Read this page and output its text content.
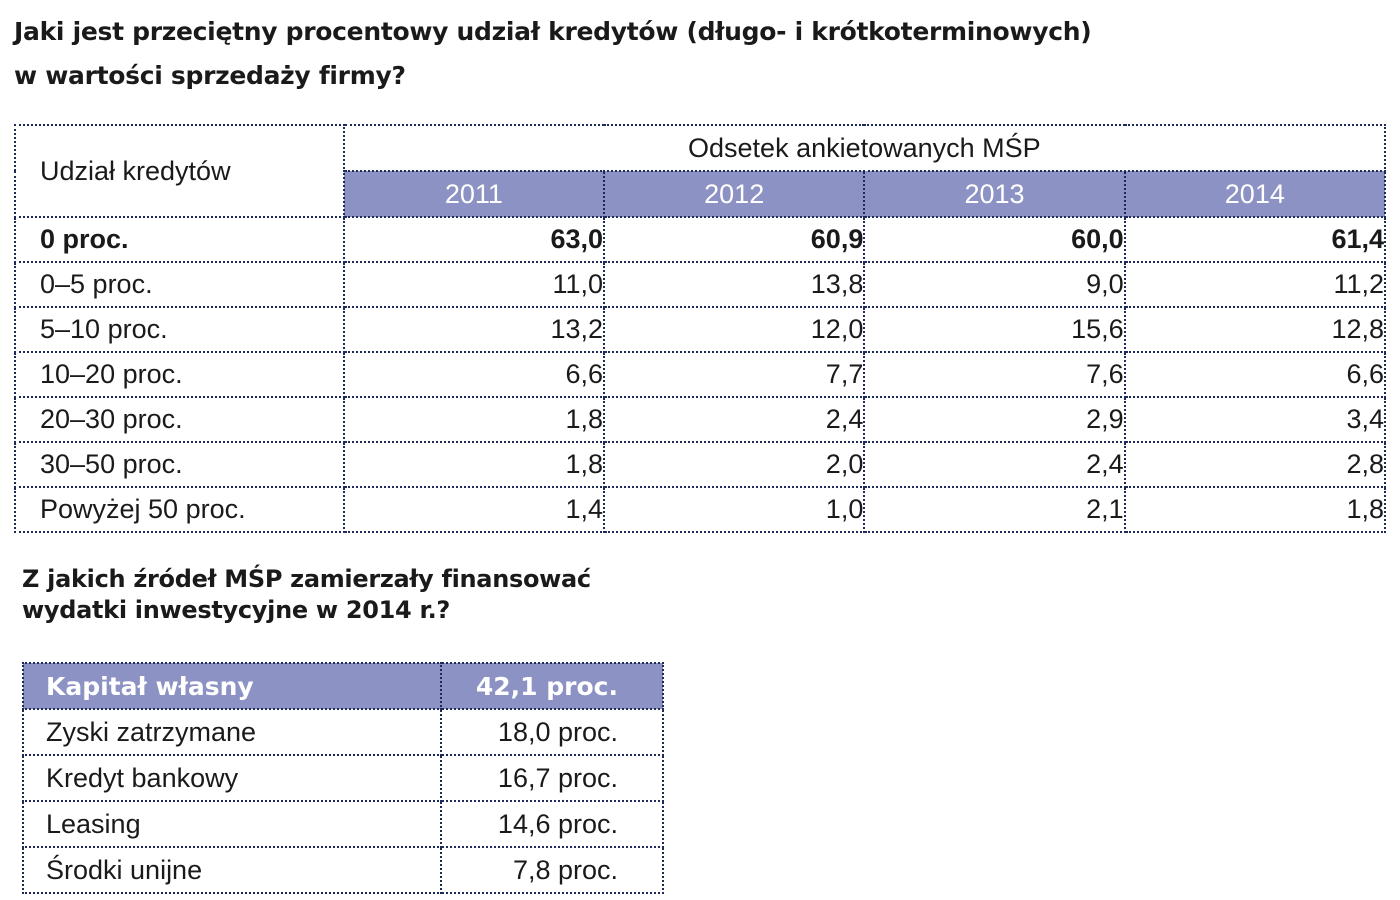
Jaki jest przeciętny procentowy udział kredytów (długo- i krótkoterminowych)
w wartości sprzedaży firmy?
Udział kredytów	Odsetek ankietowanych MŚP			
	2011	2012	2013	2014
0 proc.	63,0	60,9	60,0	61,4
0–5 proc.	11,0	13,8	9,0	11,2
5–10 proc.	13,2	12,0	15,6	12,8
10–20 proc.	6,6	7,7	7,6	6,6
20–30 proc.	1,8	2,4	2,9	3,4
30–50 proc.	1,8	2,0	2,4	2,8
Powyżej 50 proc.	1,4	1,0	2,1	1,8
Z jakich źródeł MŚP zamierzały finansować
wydatki inwestycyjne w 2014 r.?
Kapitał własny	42,1 proc.
Zyski zatrzymane	18,0 proc.
Kredyt bankowy	16,7 proc.
Leasing	14,6 proc.
Środki unijne	7,8 proc.
